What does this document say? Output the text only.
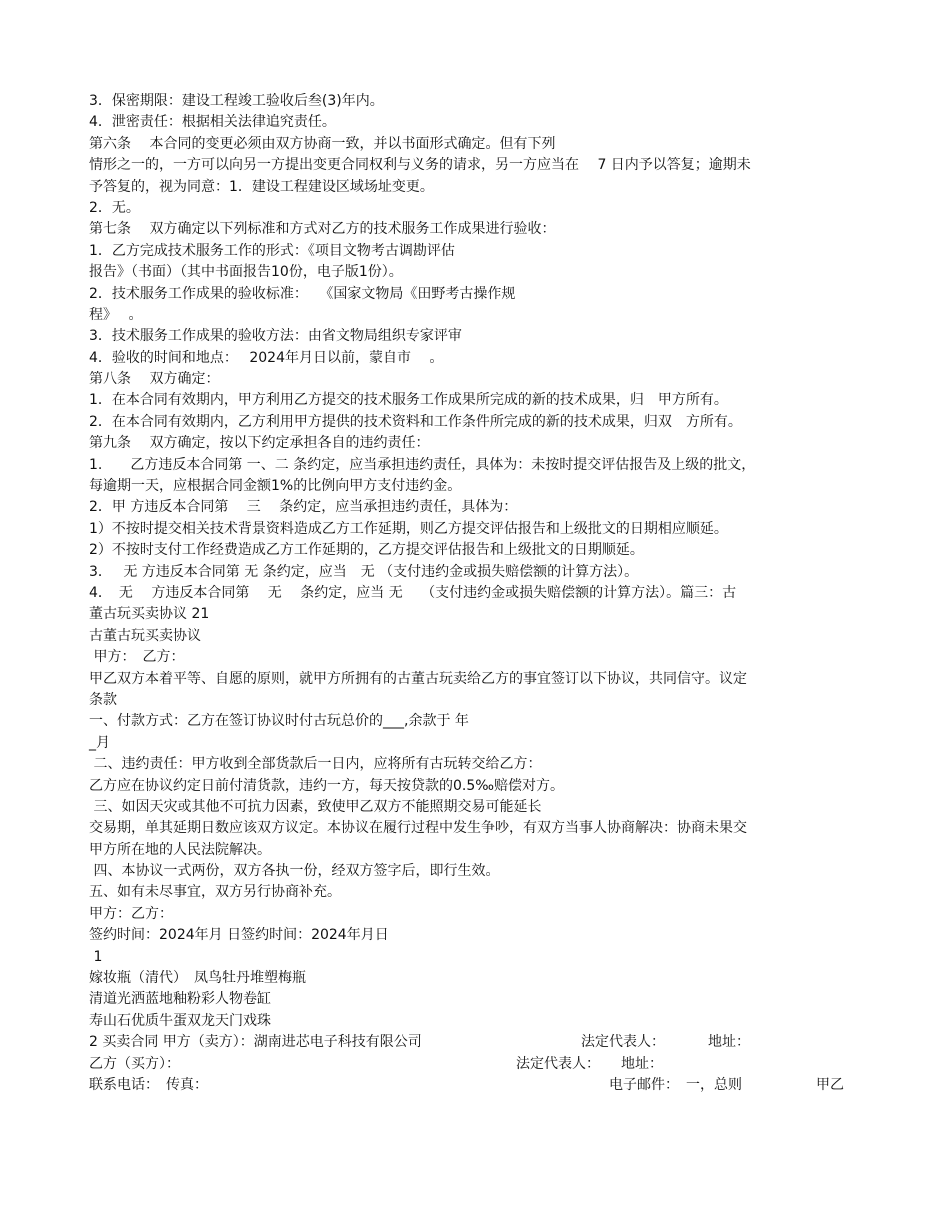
3．保密期限：建设工程竣工验收后叁(3)年内。
4．泄密责任：根据相关法律追究责任。
第六条　 本合同的变更必须由双方协商一致，并以书面形式确定。但有下列
情形之一的，一方可以向另一方提出变更合同权利与义务的请求，另一方应当在　 7 日内予以答复；逾期未
予答复的，视为同意：1．建设工程建设区域场址变更。
2．无。
第七条　 双方确定以下列标准和方式对乙方的技术服务工作成果进行验收：
1．乙方完成技术服务工作的形式：《项目文物考古调勘评估
报告》（书面）（其中书面报告10份，电子版1份）。
2．技术服务工作成果的验收标准：　 《国家文物局《田野考古操作规
程》　 。
3．技术服务工作成果的验收方法：由省文物局组织专家评审
4．验收的时间和地点：　 2024年月日以前，蒙自市　 。
第八条　 双方确定：
1．在本合同有效期内，甲方利用乙方提交的技术服务工作成果所完成的新的技术成果，归　甲方所有。
2．在本合同有效期内，乙方利用甲方提供的技术资料和工作条件所完成的新的技术成果，归双　方所有。
第九条　 双方确定，按以下约定承担各自的违约责任：
1.　　乙方违反本合同第 一、二 条约定，应当承担违约责任，具体为：未按时提交评估报告及上级的批文，
每逾期一天，应根据合同金额1%的比例向甲方支付违约金。
2．甲 方违反本合同第　 三　 条约定，应当承担违约责任，具体为：
1）不按时提交相关技术背景资料造成乙方工作延期，则乙方提交评估报告和上级批文的日期相应顺延。
2）不按时支付工作经费造成乙方工作延期的，乙方提交评估报告和上级批文的日期顺延。
3．　 无 方违反本合同第 无 条约定，应当　无 （支付违约金或损失赔偿额的计算方法）。
4．　无　 方违反本合同第　 无　 条约定，应当 无　 （支付违约金或损失赔偿额的计算方法）。篇三：古
董古玩买卖协议 21
古董古玩买卖协议
甲方：　乙方：
甲乙双方本着平等、自愿的原则，就甲方所拥有的古董古玩卖给乙方的事宜签订以下协议，共同信守。议定
条款
一、付款方式：乙方在签订协议时付古玩总价的___,余款于 年
_月
二、违约责任：甲方收到全部货款后一日内，应将所有古玩转交给乙方：
乙方应在协议约定日前付清货款，违约一方，每天按贷款的0.5‰赔偿对方。
三、如因天灾或其他不可抗力因素，致使甲乙双方不能照期交易可能延长
交易期，单其延期日数应该双方议定。本协议在履行过程中发生争吵，有双方当事人协商解决：协商未果交
甲方所在地的人民法院解决。
四、本协议一式两份，双方各执一份，经双方签字后，即行生效。
五、如有未尽事宜，双方另行协商补充。
甲方：乙方：
签约时间：2024年月 日签约时间：2024年月日
1
嫁妆瓶（清代）　凤鸟牡丹堆塑梅瓶
清道光洒蓝地釉粉彩人物卷缸
寿山石优质牛蛋双龙天门戏珠
2 买卖合同 甲方（卖方）：湖南进芯电子科技有限公司	法定代表人：	地址：
乙方（买方）：	法定代表人： 地址：
联系电话：　传真：	电子邮件：　一，总则	甲乙
